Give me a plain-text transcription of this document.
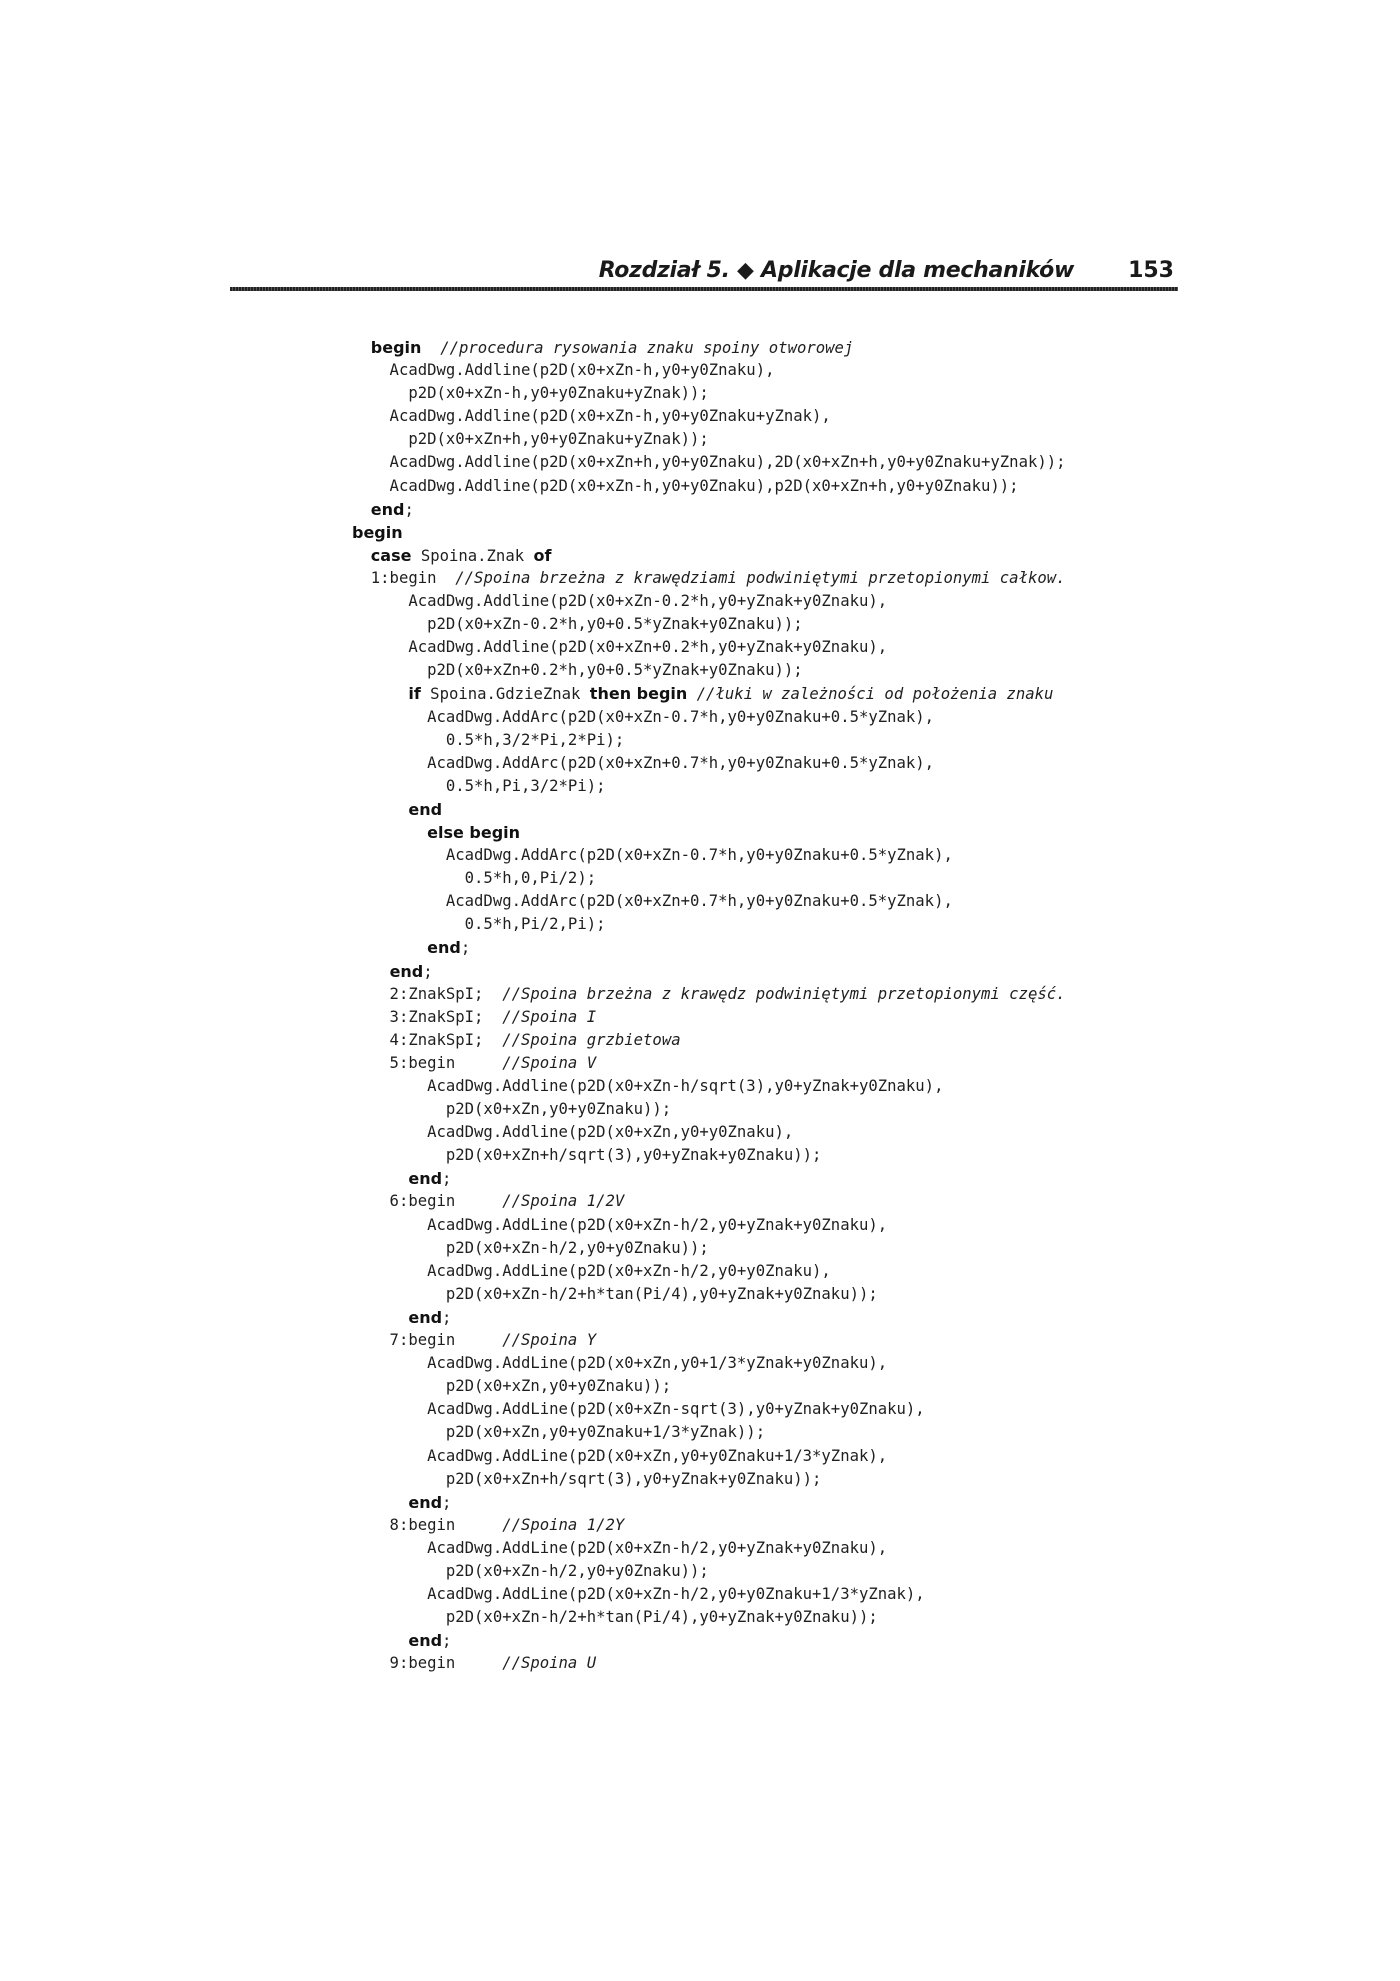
Rozdział 5. ◆ Aplikacje dla mechaników 153
begin //procedura rysowania znaku spoiny otworowej
AcadDwg.Addline(p2D(x0+xZn-h,y0+y0Znaku),
p2D(x0+xZn-h,y0+y0Znaku+yZnak));
AcadDwg.Addline(p2D(x0+xZn-h,y0+y0Znaku+yZnak),
p2D(x0+xZn+h,y0+y0Znaku+yZnak));
AcadDwg.Addline(p2D(x0+xZn+h,y0+y0Znaku),2D(x0+xZn+h,y0+y0Znaku+yZnak));
AcadDwg.Addline(p2D(x0+xZn-h,y0+y0Znaku),p2D(x0+xZn+h,y0+y0Znaku));
end;
begin
case Spoina.Znak of
1:begin  //Spoina brzeżna z krawędziami podwiniętymi przetopionymi całkow.
AcadDwg.Addline(p2D(x0+xZn-0.2*h,y0+yZnak+y0Znaku),
p2D(x0+xZn-0.2*h,y0+0.5*yZnak+y0Znaku));
AcadDwg.Addline(p2D(x0+xZn+0.2*h,y0+yZnak+y0Znaku),
p2D(x0+xZn+0.2*h,y0+0.5*yZnak+y0Znaku));
if Spoina.GdzieZnak then begin //łuki w zależności od położenia znaku
AcadDwg.AddArc(p2D(x0+xZn-0.7*h,y0+y0Znaku+0.5*yZnak),
0.5*h,3/2*Pi,2*Pi);
AcadDwg.AddArc(p2D(x0+xZn+0.7*h,y0+y0Znaku+0.5*yZnak),
0.5*h,Pi,3/2*Pi);
end
else begin
AcadDwg.AddArc(p2D(x0+xZn-0.7*h,y0+y0Znaku+0.5*yZnak),
0.5*h,0,Pi/2);
AcadDwg.AddArc(p2D(x0+xZn+0.7*h,y0+y0Znaku+0.5*yZnak),
0.5*h,Pi/2,Pi);
end;
end;
2:ZnakSpI;  //Spoina brzeżna z krawędz podwiniętymi przetopionymi część.
3:ZnakSpI;  //Spoina I
4:ZnakSpI;  //Spoina grzbietowa
5:begin     //Spoina V
AcadDwg.Addline(p2D(x0+xZn-h/sqrt(3),y0+yZnak+y0Znaku),
p2D(x0+xZn,y0+y0Znaku));
AcadDwg.Addline(p2D(x0+xZn,y0+y0Znaku),
p2D(x0+xZn+h/sqrt(3),y0+yZnak+y0Znaku));
end;
6:begin     //Spoina 1/2V
AcadDwg.AddLine(p2D(x0+xZn-h/2,y0+yZnak+y0Znaku),
p2D(x0+xZn-h/2,y0+y0Znaku));
AcadDwg.AddLine(p2D(x0+xZn-h/2,y0+y0Znaku),
p2D(x0+xZn-h/2+h*tan(Pi/4),y0+yZnak+y0Znaku));
end;
7:begin     //Spoina Y
AcadDwg.AddLine(p2D(x0+xZn,y0+1/3*yZnak+y0Znaku),
p2D(x0+xZn,y0+y0Znaku));
AcadDwg.AddLine(p2D(x0+xZn-sqrt(3),y0+yZnak+y0Znaku),
p2D(x0+xZn,y0+y0Znaku+1/3*yZnak));
AcadDwg.AddLine(p2D(x0+xZn,y0+y0Znaku+1/3*yZnak),
p2D(x0+xZn+h/sqrt(3),y0+yZnak+y0Znaku));
end;
8:begin     //Spoina 1/2Y
AcadDwg.AddLine(p2D(x0+xZn-h/2,y0+yZnak+y0Znaku),
p2D(x0+xZn-h/2,y0+y0Znaku));
AcadDwg.AddLine(p2D(x0+xZn-h/2,y0+y0Znaku+1/3*yZnak),
p2D(x0+xZn-h/2+h*tan(Pi/4),y0+yZnak+y0Znaku));
end;
9:begin     //Spoina U
